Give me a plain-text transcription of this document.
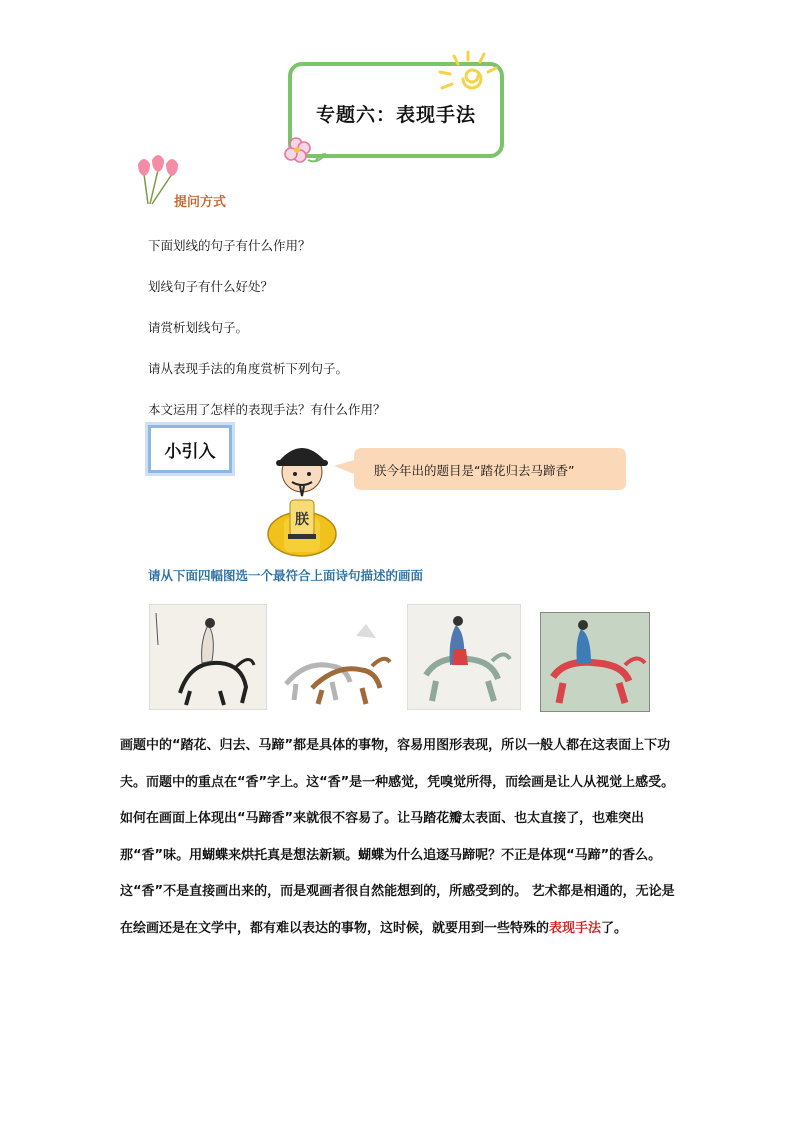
专题六：表现手法
提问方式
下面划线的句子有什么作用？
划线句子有什么好处？
请赏析划线句子。
请从表现手法的角度赏析下列句子。
本文运用了怎样的表现手法？有什么作用？
小引入
朕
朕今年出的题目是“踏花归去马蹄香”
请从下面四幅图选一个最符合上面诗句描述的画面
画题中的“踏花、归去、马蹄”都是具体的事物，容易用图形表现，所以一般人都在这表面上下功夫。而题中的重点在“香”字上。这“香”是一种感觉，凭嗅觉所得，而绘画是让人从视觉上感受。如何在画面上体现出“马蹄香”来就很不容易了。让马踏花瓣太表面、也太直接了，也难突出那“香”味。用蝴蝶来烘托真是想法新颖。蝴蝶为什么追逐马蹄呢？不正是体现“马蹄”的香么。这“香”不是直接画出来的，而是观画者很自然能想到的，所感受到的。 艺术都是相通的，无论是在绘画还是在文学中，都有难以表达的事物，这时候，就要用到一些特殊的表现手法了。
